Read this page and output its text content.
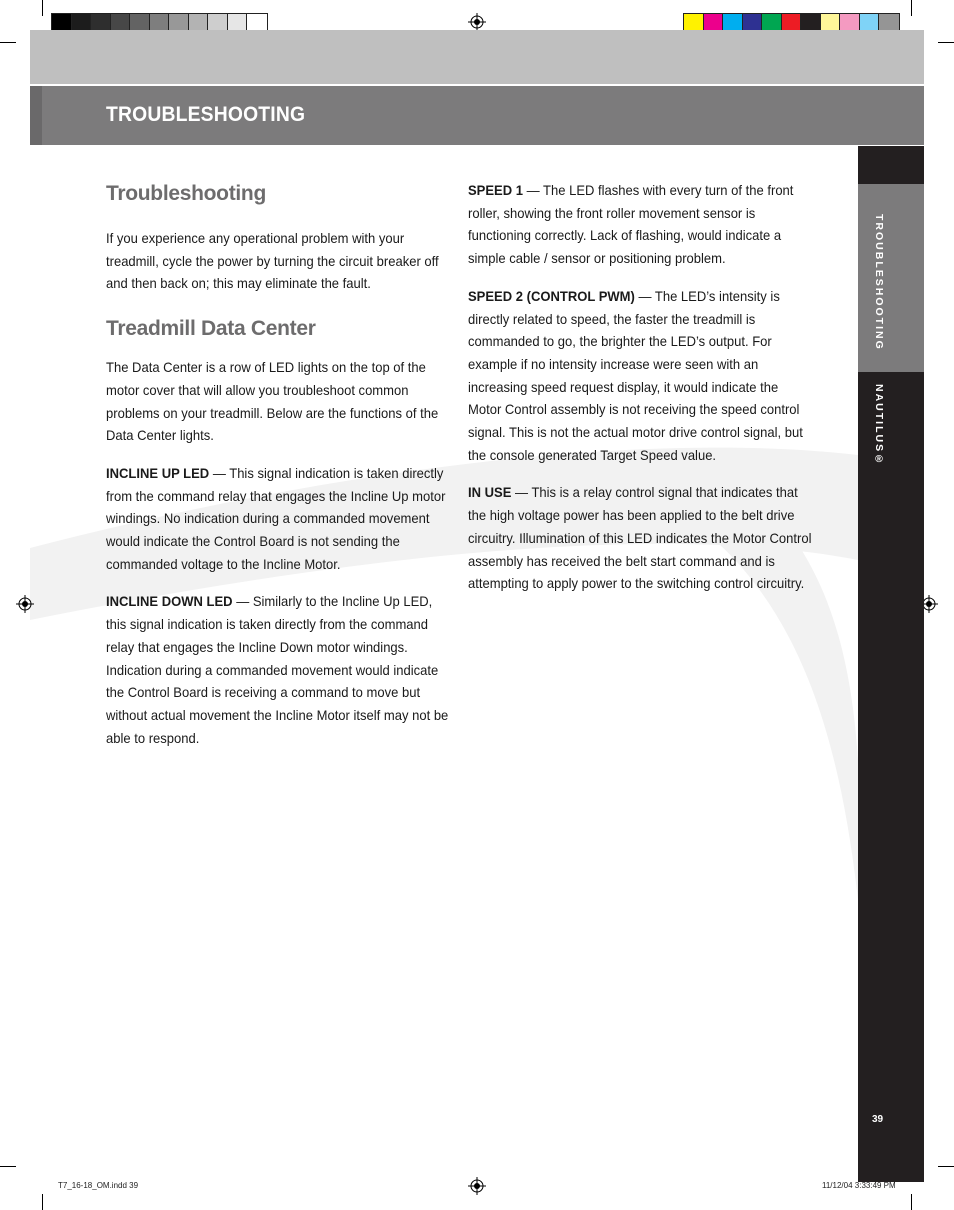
TROUBLESHOOTING
TROUBLESHOOTING
NAUTILUS®
39
Troubleshooting

If you experience any operational problem with your treadmill, cycle the power by turning the circuit breaker off and then back on; this may eliminate the fault.

Treadmill Data Center

The Data Center is a row of LED lights on the top of the motor cover that will allow you troubleshoot common problems on your treadmill. Below are the functions of the Data Center lights.

INCLINE UP LED — This signal indication is taken directly from the command relay that engages the Incline Up motor windings. No indication during a commanded movement would indicate the Control Board is not sending the commanded voltage to the Incline Motor.

INCLINE DOWN LED — Similarly to the Incline Up LED, this signal indication is taken directly from the command relay that engages the Incline Down motor windings. Indication during a commanded movement would indicate the Control Board is receiving a command to move but without actual movement the Incline Motor itself may not be able to respond.

SPEED 1 — The LED flashes with every turn of the front roller, showing the front roller movement sensor is functioning correctly. Lack of flashing, would indicate a simple cable / sensor or positioning problem.

SPEED 2 (CONTROL PWM) — The LED’s intensity is directly related to speed, the faster the treadmill is commanded to go, the brighter the LED’s output. For example if no intensity increase were seen with an increasing speed request display, it would indicate the Motor Control assembly is not receiving the speed control signal. This is not the actual motor drive control signal, but the console generated Target Speed value.

IN USE — This is a relay control signal that indicates that the high voltage power has been applied to the belt drive circuitry. Illumination of this LED indicates the Motor Control assembly has received the belt start command and is attempting to apply power to the switching control circuitry.

T7_16-18_OM.indd 39	11/12/04 3:33:49 PM
